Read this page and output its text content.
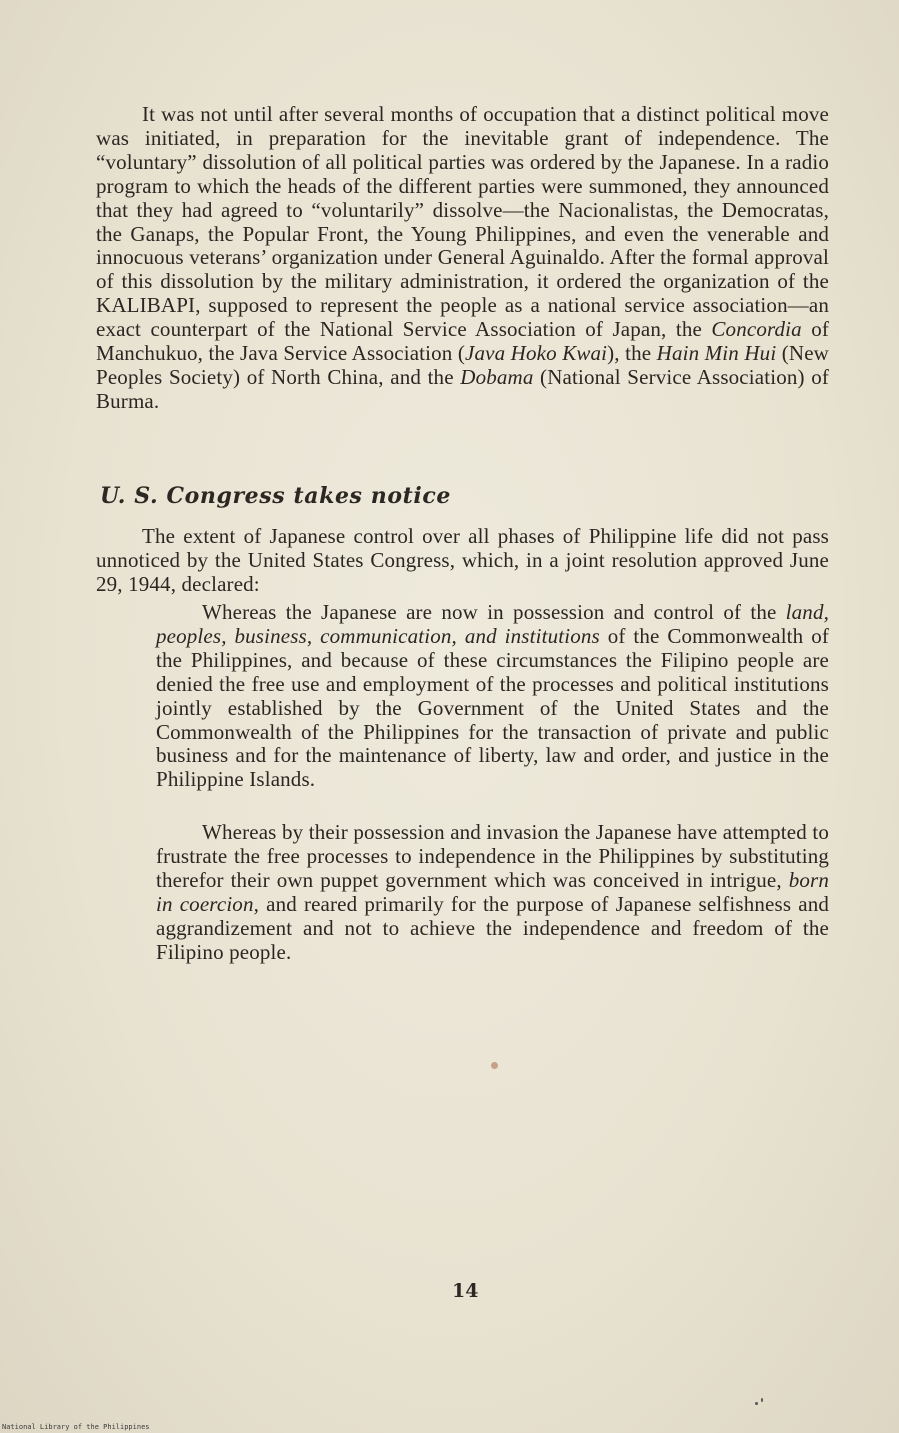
It was not until after several months of occupation that a distinct political move was initiated, in preparation for the inevitable grant of independence. The “voluntary” dissolution of all political parties was ordered by the Japanese. In a radio program to which the heads of the different parties were summoned, they announced that they had agreed to “voluntarily” dissolve—the Nacionalistas, the Democratas, the Ganaps, the Popular Front, the Young Philippines, and even the venerable and innocuous veterans’ organization under General Aguinaldo. After the formal approval of this dissolution by the military administration, it ordered the organization of the KALIBAPI, supposed to represent the people as a national service association—an exact counterpart of the National Service Association of Japan, the Concordia of Manchukuo, the Java Service Association (Java Hoko Kwai), the Hain Min Hui (New Peoples Society) of North China, and the Dobama (National Service Association) of Burma.

U. S. Congress takes notice

The extent of Japanese control over all phases of Philippine life did not pass unnoticed by the United States Congress, which, in a joint resolution approved June 29, 1944, declared:

Whereas the Japanese are now in possession and control of the land, peoples, business, communication, and institutions of the Commonwealth of the Philippines, and because of these circumstances the Filipino people are denied the free use and employment of the processes and political institutions jointly established by the Government of the United States and the Commonwealth of the Philippines for the transaction of private and public business and for the maintenance of liberty, law and order, and justice in the Philippine Islands.

Whereas by their possession and invasion the Japanese have attempted to frustrate the free processes to independence in the Philippines by substituting therefor their own puppet government which was conceived in intrigue, born in coercion, and reared primarily for the purpose of Japanese selfishness and aggrandizement and not to achieve the independence and freedom of the Filipino people.

14
National Library of the Philippines
